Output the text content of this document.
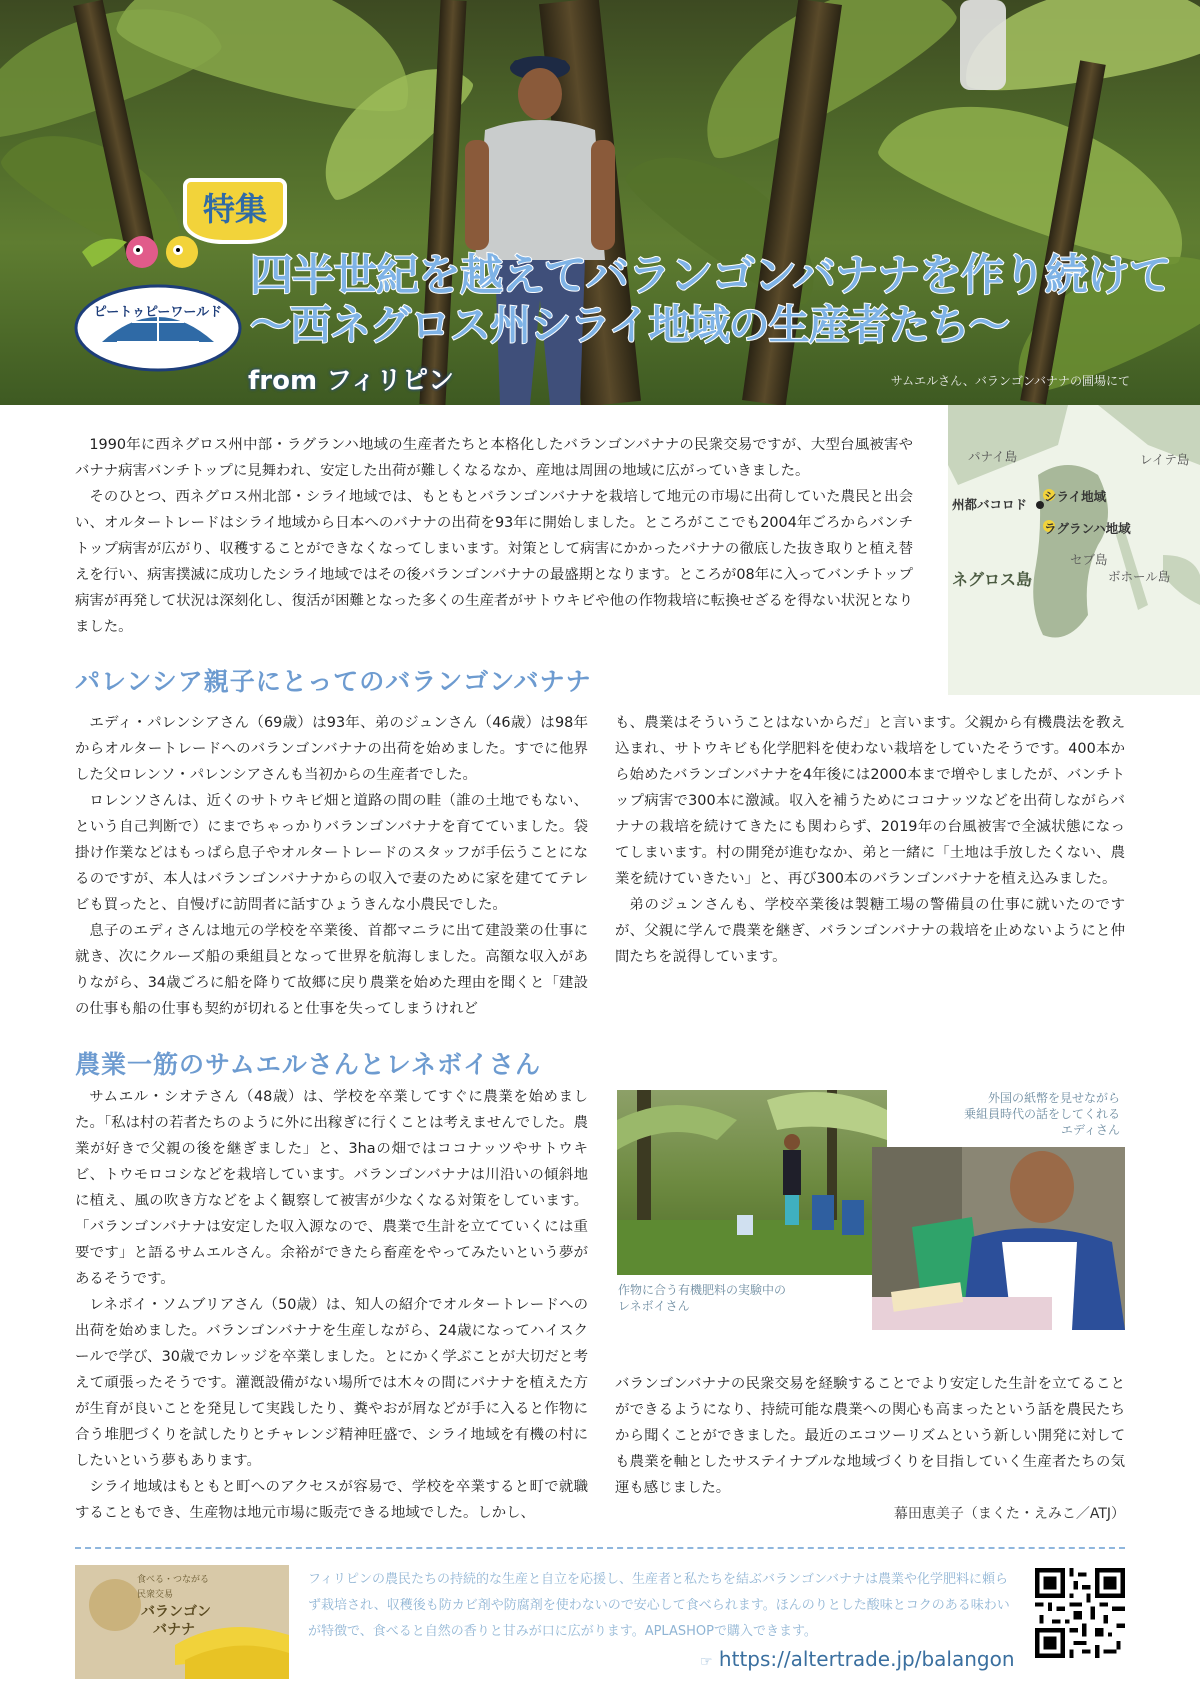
特集
ピートゥピーワールド
四半世紀を越えてバランゴンバナナを作り続けて
〜西ネグロス州シライ地域の生産者たち〜
from フィリピン	サムエルさん、バランゴンバナナの圃場にて

1990年に西ネグロス州中部・ラグランハ地域の生産者たちと本格化したバランゴンバナナの民衆交易ですが、大型台風被害やバナナ病害バンチトップに見舞われ、安定した出荷が難しくなるなか、産地は周囲の地域に広がっていきました。

そのひとつ、西ネグロス州北部・シライ地域では、もともとバランゴンバナナを栽培して地元の市場に出荷していた農民と出会い、オルタートレードはシライ地域から日本へのバナナの出荷を93年に開始しました。ところがここでも2004年ごろからバンチトップ病害が広がり、収穫することができなくなってしまいます。対策として病害にかかったバナナの徹底した抜き取りと植え替えを行い、病害撲滅に成功したシライ地域ではその後バランゴンバナナの最盛期となります。ところが08年に入ってバンチトップ病害が再発して状況は深刻化し、復活が困難となった多くの生産者がサトウキビや他の作物栽培に転換せざるを得ない状況となりました。

パナイ島	レイテ島
州都バコロド
シライ地域
ラグランハ地域
セブ島
ネグロス島	ボホール島
パレンシア親子にとってのバランゴンバナナ

エディ・パレンシアさん（69歳）は93年、弟のジュンさん（46歳）は98年からオルタートレードへのバランゴンバナナの出荷を始めました。すでに他界した父ロレンソ・パレンシアさんも当初からの生産者でした。

ロレンソさんは、近くのサトウキビ畑と道路の間の畦（誰の土地でもない、という自己判断で）にまでちゃっかりバランゴンバナナを育てていました。袋掛け作業などはもっぱら息子やオルタートレードのスタッフが手伝うことになるのですが、本人はバランゴンバナナからの収入で妻のために家を建ててテレビも買ったと、自慢げに訪問者に話すひょうきんな小農民でした。

息子のエディさんは地元の学校を卒業後、首都マニラに出て建設業の仕事に就き、次にクルーズ船の乗組員となって世界を航海しました。高額な収入がありながら、34歳ごろに船を降りて故郷に戻り農業を始めた理由を聞くと「建設の仕事も船の仕事も契約が切れると仕事を失ってしまうけれど

も、農業はそういうことはないからだ」と言います。父親から有機農法を教え込まれ、サトウキビも化学肥料を使わない栽培をしていたそうです。400本から始めたバランゴンバナナを4年後には2000本まで増やしましたが、バンチトップ病害で300本に激減。収入を補うためにココナッツなどを出荷しながらバナナの栽培を続けてきたにも関わらず、2019年の台風被害で全滅状態になってしまいます。村の開発が進むなか、弟と一緒に「土地は手放したくない、農業を続けていきたい」と、再び300本のバランゴンバナナを植え込みました。

弟のジュンさんも、学校卒業後は製糖工場の警備員の仕事に就いたのですが、父親に学んで農業を継ぎ、バランゴンバナナの栽培を止めないようにと仲間たちを説得しています。

農業一筋のサムエルさんとレネボイさん

サムエル・シオテさん（48歳）は、学校を卒業してすぐに農業を始めました。「私は村の若者たちのように外に出稼ぎに行くことは考えませんでした。農業が好きで父親の後を継ぎました」と、3haの畑ではココナッツやサトウキビ、トウモロコシなどを栽培しています。バランゴンバナナは川沿いの傾斜地に植え、風の吹き方などをよく観察して被害が少なくなる対策をしています。「バランゴンバナナは安定した収入源なので、農業で生計を立てていくには重要です」と語るサムエルさん。余裕ができたら畜産をやってみたいという夢があるそうです。

レネボイ・ソムブリアさん（50歳）は、知人の紹介でオルタートレードへの出荷を始めました。バランゴンバナナを生産しながら、24歳になってハイスクールで学び、30歳でカレッジを卒業しました。とにかく学ぶことが大切だと考えて頑張ったそうです。灌漑設備がない場所では木々の間にバナナを植えた方が生育が良いことを発見して実践したり、糞やおが屑などが手に入ると作物に合う堆肥づくりを試したりとチャレンジ精神旺盛で、シライ地域を有機の村にしたいという夢もあります。

シライ地域はもともと町へのアクセスが容易で、学校を卒業すると町で就職することもでき、生産物は地元市場に販売できる地域でした。しかし、

作物に合う有機肥料の実験中の
レネボイさん
外国の紙幣を見せながら
乗組員時代の話をしてくれる
エディさん

バランゴンバナナの民衆交易を経験することでより安定した生計を立てることができるようになり、持続可能な農業への関心も高まったという話を農民たちから聞くことができました。最近のエコツーリズムという新しい開発に対しても農業を軸としたサステイナブルな地域づくりを目指していく生産者たちの気運も感じました。

幕田恵美子（まくた・えみこ／ATJ）
食べる・つながる
民衆交易
バランゴン
バナナ
フィリピンの農民たちの持続的な生産と自立を応援し、生産者と私たちを結ぶバランゴンバナナは農業や化学肥料に頼らず栽培され、収穫後も防カビ剤や防腐剤を使わないので安心して食べられます。ほんのりとした酸味とコクのある味わいが特徴で、食べると自然の香りと甘みが口に広がります。APLASHOPで購入できます。
☞ https://altertrade.jp/balangon
